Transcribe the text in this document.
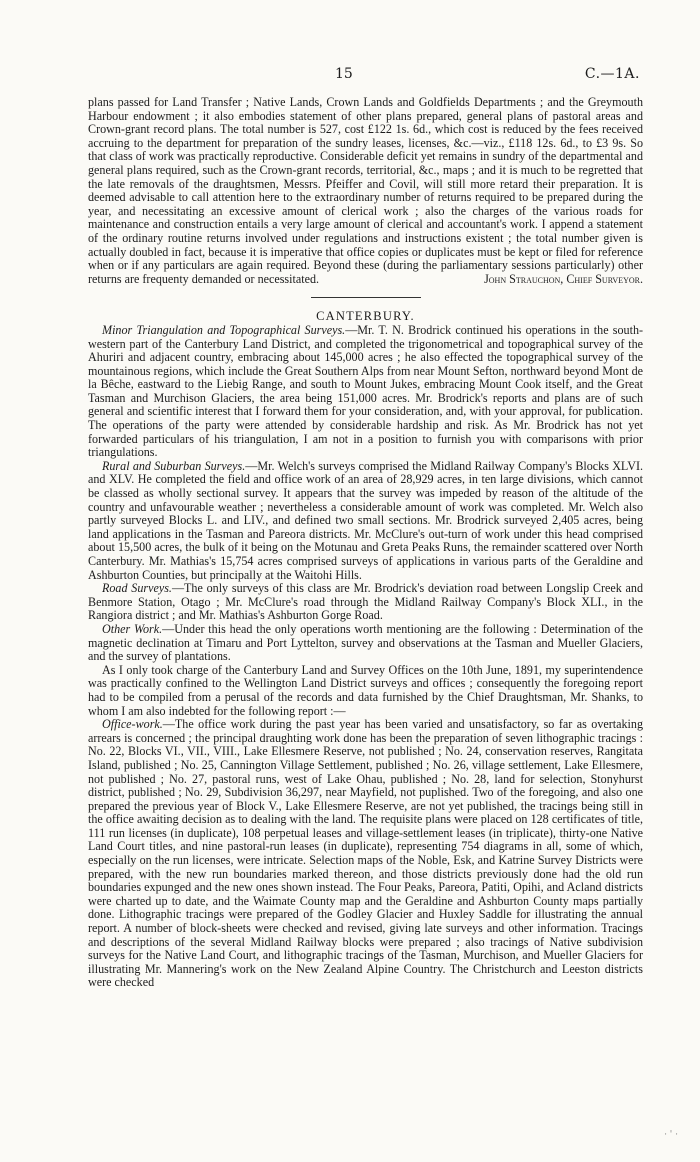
15	C.—1A.

plans passed for Land Transfer ; Native Lands, Crown Lands and Goldfields Departments ; and the Greymouth Harbour endowment ; it also embodies statement of other plans prepared, general plans of pastoral areas and Crown-grant record plans. The total number is 527, cost £122 1s. 6d., which cost is reduced by the fees received accruing to the department for preparation of the sundry leases, licenses, &c.—viz., £118 12s. 6d., to £3 9s. So that class of work was practically reproductive. Considerable deficit yet remains in sundry of the departmental and general plans required, such as the Crown-grant records, territorial, &c., maps ; and it is much to be regretted that the late removals of the draughtsmen, Messrs. Pfeiffer and Covil, will still more retard their preparation. It is deemed advisable to call attention here to the extraordinary number of returns required to be prepared during the year, and necessitating an excessive amount of clerical work ; also the charges of the various roads for maintenance and construction entails a very large amount of clerical and accountant's work. I append a statement of the ordinary routine returns involved under regulations and instructions existent ; the total number given is actually doubled in fact, because it is imperative that office copies or duplicates must be kept or filed for reference when or if any particulars are again required. Beyond these (during the parliamentary sessions particularly) other returns are frequenty demanded or necessitated.	John Strauchon, Chief Surveyor.

CANTERBURY.

Minor Triangulation and Topographical Surveys.—Mr. T. N. Brodrick continued his operations in the south-western part of the Canterbury Land District, and completed the trigonometrical and topographical survey of the Ahuriri and adjacent country, embracing about 145,000 acres ; he also effected the topographical survey of the mountainous regions, which include the Great Southern Alps from near Mount Sefton, northward beyond Mont de la Bêche, eastward to the Liebig Range, and south to Mount Jukes, embracing Mount Cook itself, and the Great Tasman and Murchison Glaciers, the area being 151,000 acres. Mr. Brodrick's reports and plans are of such general and scientific interest that I forward them for your consideration, and, with your approval, for publication. The operations of the party were attended by considerable hardship and risk. As Mr. Brodrick has not yet forwarded particulars of his triangulation, I am not in a position to furnish you with comparisons with prior triangulations.

Rural and Suburban Surveys.—Mr. Welch's surveys comprised the Midland Railway Company's Blocks XLVI. and XLV. He completed the field and office work of an area of 28,929 acres, in ten large divisions, which cannot be classed as wholly sectional survey. It appears that the survey was impeded by reason of the altitude of the country and unfavourable weather ; nevertheless a considerable amount of work was completed. Mr. Welch also partly surveyed Blocks L. and LIV., and defined two small sections. Mr. Brodrick surveyed 2,405 acres, being land applications in the Tasman and Pareora districts. Mr. McClure's out-turn of work under this head comprised about 15,500 acres, the bulk of it being on the Motunau and Greta Peaks Runs, the remainder scattered over North Canterbury. Mr. Mathias's 15,754 acres comprised surveys of applications in various parts of the Geraldine and Ashburton Counties, but principally at the Waitohi Hills.

Road Surveys.—The only surveys of this class are Mr. Brodrick's deviation road between Longslip Creek and Benmore Station, Otago ; Mr. McClure's road through the Midland Railway Company's Block XLI., in the Rangiora district ; and Mr. Mathias's Ashburton Gorge Road.

Other Work.—Under this head the only operations worth mentioning are the following : Determination of the magnetic declination at Timaru and Port Lyttelton, survey and observations at the Tasman and Mueller Glaciers, and the survey of plantations.

As I only took charge of the Canterbury Land and Survey Offices on the 10th June, 1891, my superintendence was practically confined to the Wellington Land District surveys and offices ; consequently the foregoing report had to be compiled from a perusal of the records and data furnished by the Chief Draughtsman, Mr. Shanks, to whom I am also indebted for the following report :—

Office-work.—The office work during the past year has been varied and unsatisfactory, so far as overtaking arrears is concerned ; the principal draughting work done has been the preparation of seven lithographic tracings : No. 22, Blocks VI., VII., VIII., Lake Ellesmere Reserve, not published ; No. 24, conservation reserves, Rangitata Island, published ; No. 25, Cannington Village Settlement, published ; No. 26, village settlement, Lake Ellesmere, not published ; No. 27, pastoral runs, west of Lake Ohau, published ; No. 28, land for selection, Stonyhurst district, published ; No. 29, Subdivision 36,297, near Mayfield, not puplished. Two of the foregoing, and also one prepared the previous year of Block V., Lake Ellesmere Reserve, are not yet published, the tracings being still in the office awaiting decision as to dealing with the land. The requisite plans were placed on 128 certificates of title, 111 run licenses (in duplicate), 108 perpetual leases and village-settlement leases (in triplicate), thirty-one Native Land Court titles, and nine pastoral-run leases (in duplicate), representing 754 diagrams in all, some of which, especially on the run licenses, were intricate. Selection maps of the Noble, Esk, and Katrine Survey Districts were prepared, with the new run boundaries marked thereon, and those districts previously done had the old run boundaries expunged and the new ones shown instead. The Four Peaks, Pareora, Patiti, Opihi, and Acland districts were charted up to date, and the Waimate County map and the Geraldine and Ashburton County maps partially done. Lithographic tracings were prepared of the Godley Glacier and Huxley Saddle for illustrating the annual report. A number of block-sheets were checked and revised, giving late surveys and other information. Tracings and descriptions of the several Midland Railway blocks were prepared ; also tracings of Native subdivision surveys for the Native Land Court, and lithographic tracings of the Tasman, Murchison, and Mueller Glaciers for illustrating Mr. Mannering's work on the New Zealand Alpine Country. The Christchurch and Leeston districts were checked

· ' ·
